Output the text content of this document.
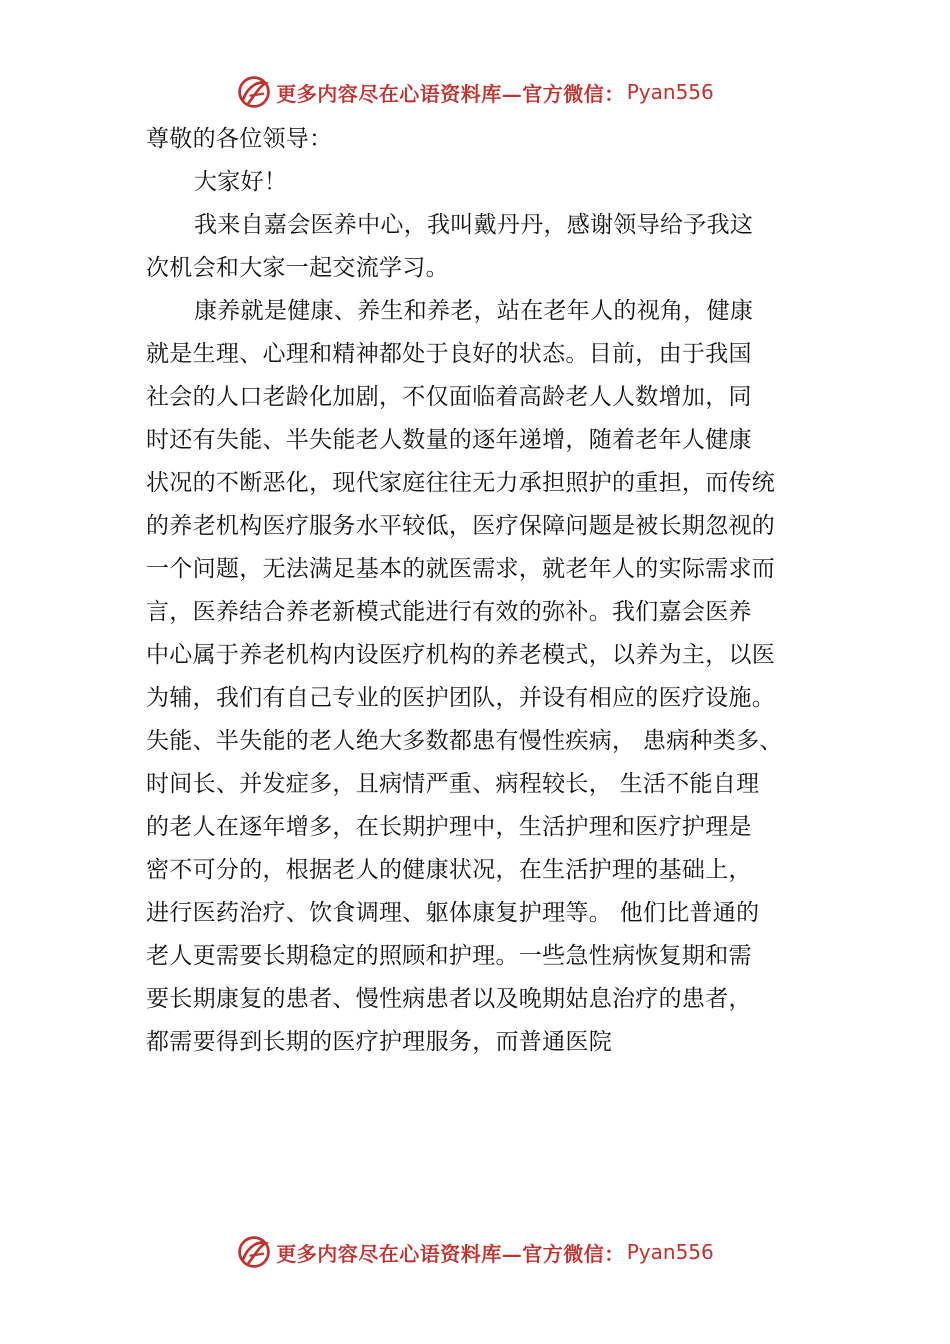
更多内容尽在心语资料库—官方微信： Pyan556
尊敬的各位领导：
大家好！
我来自嘉会医养中心，我叫戴丹丹，感谢领导给予我这
次机会和大家一起交流学习。
康养就是健康、养生和养老，站在老年人的视角，健康
就是生理、心理和精神都处于良好的状态。目前，由于我国
社会的人口老龄化加剧，不仅面临着高龄老人人数增加，同
时还有失能、半失能老人数量的逐年递增，随着老年人健康
状况的不断恶化，现代家庭往往无力承担照护的重担，而传统
的养老机构医疗服务水平较低，医疗保障问题是被长期忽视的
一个问题，无法满足基本的就医需求，就老年人的实际需求而
言，医养结合养老新模式能进行有效的弥补。我们嘉会医养
中心属于养老机构内设医疗机构的养老模式，以养为主，以医
为辅，我们有自己专业的医护团队，并设有相应的医疗设施。
失能、半失能的老人绝大多数都患有慢性疾病， 患病种类多、
时间长、并发症多，且病情严重、病程较长， 生活不能自理
的老人在逐年增多，在长期护理中，生活护理和医疗护理是
密不可分的，根据老人的健康状况，在生活护理的基础上，
进行医药治疗、饮食调理、躯体康复护理等。 他们比普通的
老人更需要长期稳定的照顾和护理。一些急性病恢复期和需
要长期康复的患者、慢性病患者以及晚期姑息治疗的患者，
都需要得到长期的医疗护理服务，而普通医院
更多内容尽在心语资料库—官方微信： Pyan556
